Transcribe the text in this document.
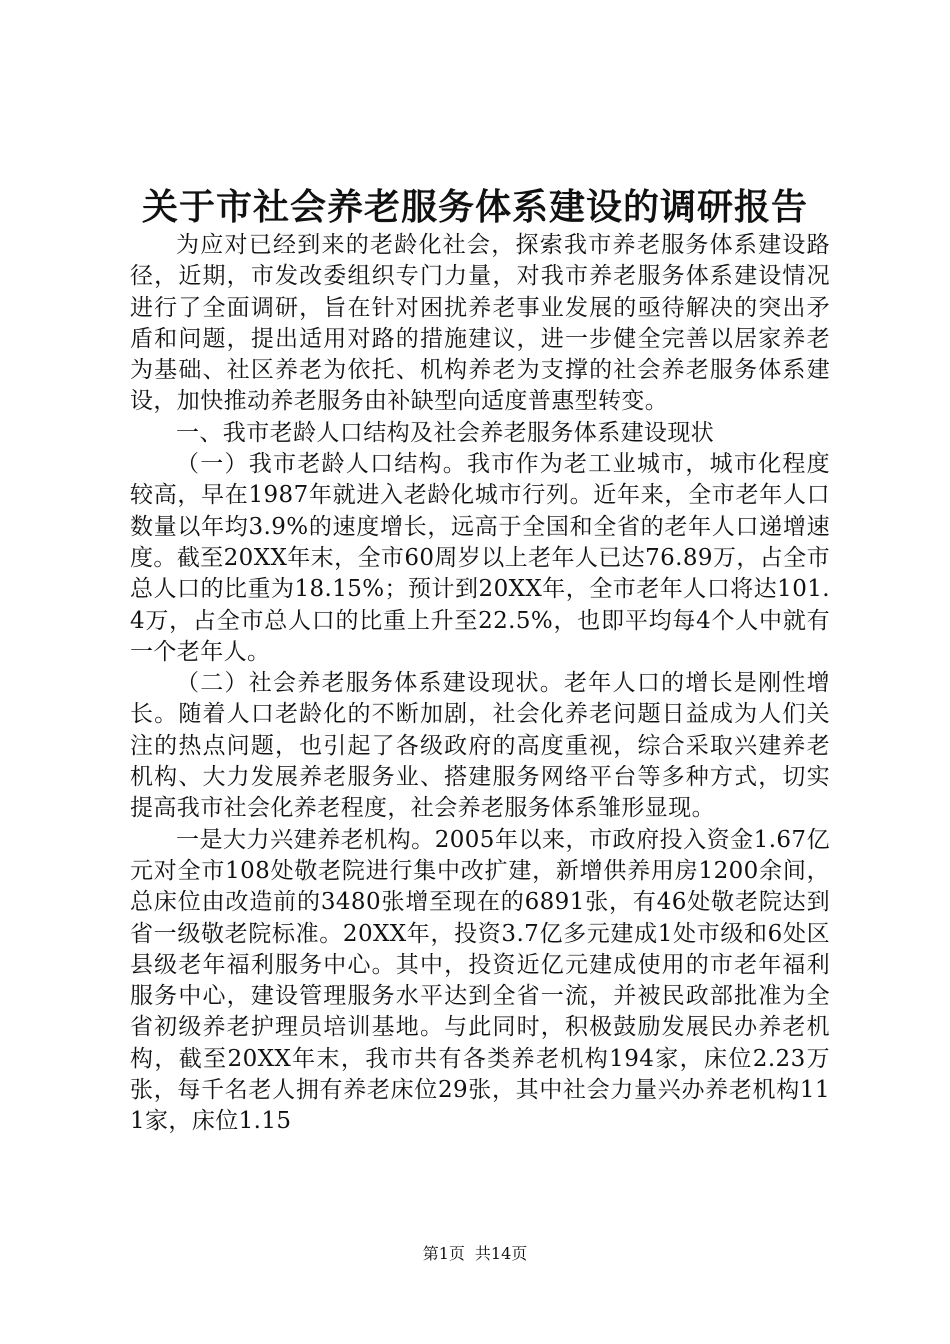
关于市社会养老服务体系建设的调研报告

为应对已经到来的老龄化社会，探索我市养老服务体系建设路径，近期，市发改委组织专门力量，对我市养老服务体系建设情况进行了全面调研，旨在针对困扰养老事业发展的亟待解决的突出矛盾和问题，提出适用对路的措施建议，进一步健全完善以居家养老为基础、社区养老为依托、机构养老为支撑的社会养老服务体系建设，加快推动养老服务由补缺型向适度普惠型转变。

一、我市老龄人口结构及社会养老服务体系建设现状

（一）我市老龄人口结构。我市作为老工业城市，城市化程度较高，早在1987年就进入老龄化城市行列。近年来，全市老年人口数量以年均3.9%的速度增长，远高于全国和全省的老年人口递增速度。截至20XX年末，全市60周岁以上老年人已达76.89万，占全市总人口的比重为18.15%；预计到20XX年，全市老年人口将达101.4万，占全市总人口的比重上升至22.5%，也即平均每4个人中就有一个老年人。

（二）社会养老服务体系建设现状。老年人口的增长是刚性增长。随着人口老龄化的不断加剧，社会化养老问题日益成为人们关注的热点问题，也引起了各级政府的高度重视，综合采取兴建养老机构、大力发展养老服务业、搭建服务网络平台等多种方式，切实提高我市社会化养老程度，社会养老服务体系雏形显现。

一是大力兴建养老机构。2005年以来，市政府投入资金1.67亿元对全市108处敬老院进行集中改扩建，新增供养用房1200余间，总床位由改造前的3480张增至现在的6891张，有46处敬老院达到省一级敬老院标准。20XX年，投资3.7亿多元建成1处市级和6处区县级老年福利服务中心。其中，投资近亿元建成使用的市老年福利服务中心，建设管理服务水平达到全省一流，并被民政部批准为全省初级养老护理员培训基地。与此同时，积极鼓励发展民办养老机构，截至20XX年末，我市共有各类养老机构194家，床位2.23万张，每千名老人拥有养老床位29张，其中社会力量兴办养老机构111家，床位1.15

第1页 共14页
